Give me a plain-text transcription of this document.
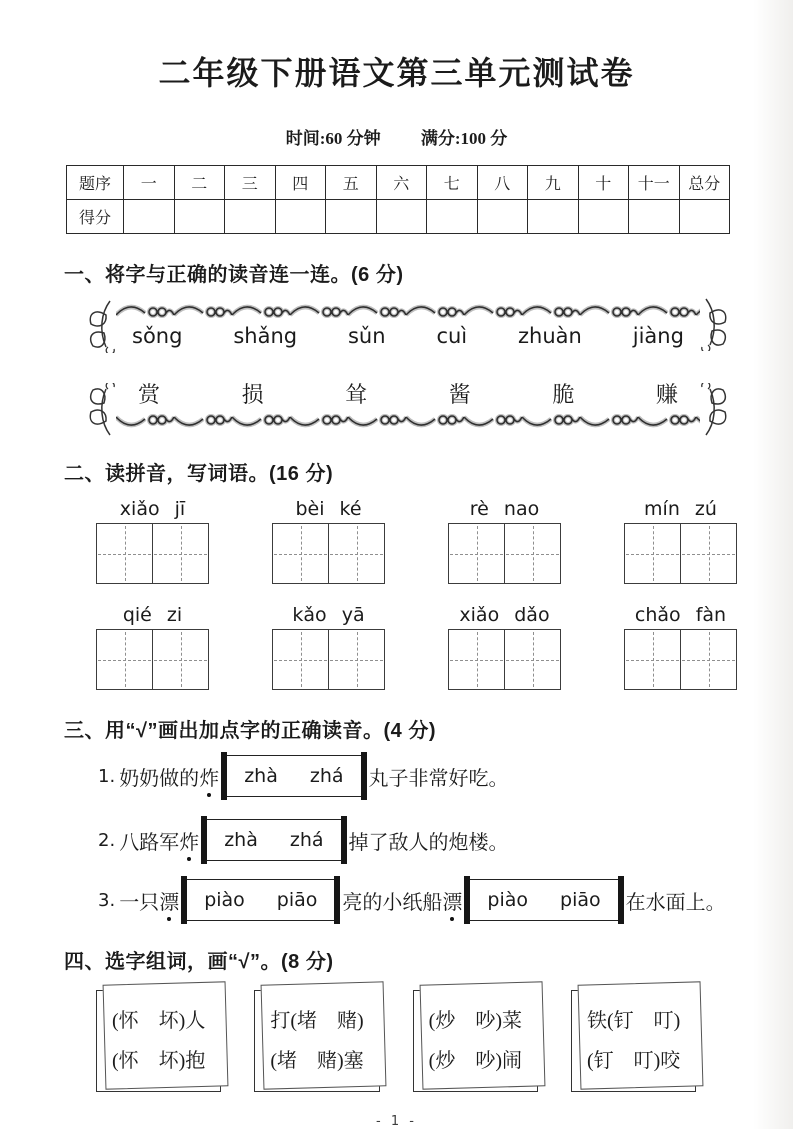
二年级下册语文第三单元测试卷
时间:60 分钟 满分:100 分
题序	一	二	三	四	五	六	七	八	九	十	十一	总分
得分												
一、将字与正确的读音连一连。(6 分)
sǒng shǎng sǔn cuì zhuàn jiàng
赏	损	耸	酱	脆	赚
二、读拼音，写词语。(16 分)
xiǎo jī	bèi ké	rè nao	mín zú
qié zi	kǎo yā	xiǎo dǎo	chǎo fàn
三、用“√”画出加点字的正确读音。(4 分)
1. 奶奶做的 炸 zhà zhá 丸子非常好吃。
2. 八路军 炸 zhà zhá 掉了敌人的炮楼。
3. 一只 漂 piào piāo 亮的小纸船 漂 piào piāo 在水面上。
四、选字组词，画“√”。(8 分)
(怀　坏)人
(怀　坏)抱
打(堵　赌)
(堵　赌)塞
(炒　吵)菜
(炒　吵)闹
铁(钉　叮)
(钉　叮)咬
- 1 -
